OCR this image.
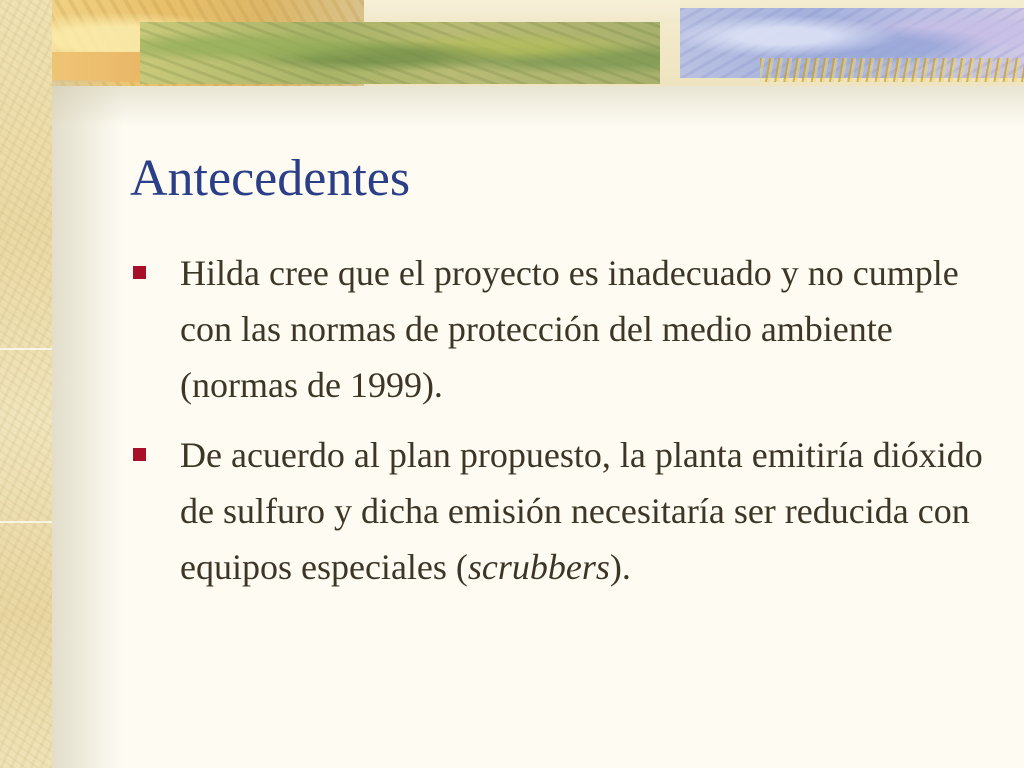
Antecedentes
Hilda cree que el proyecto es inadecuado y no cumple con las normas de protección del medio ambiente (normas de 1999).
De acuerdo al plan propuesto, la planta emitiría dióxido de sulfuro y dicha emisión necesitaría ser reducida con equipos especiales (scrubbers).
